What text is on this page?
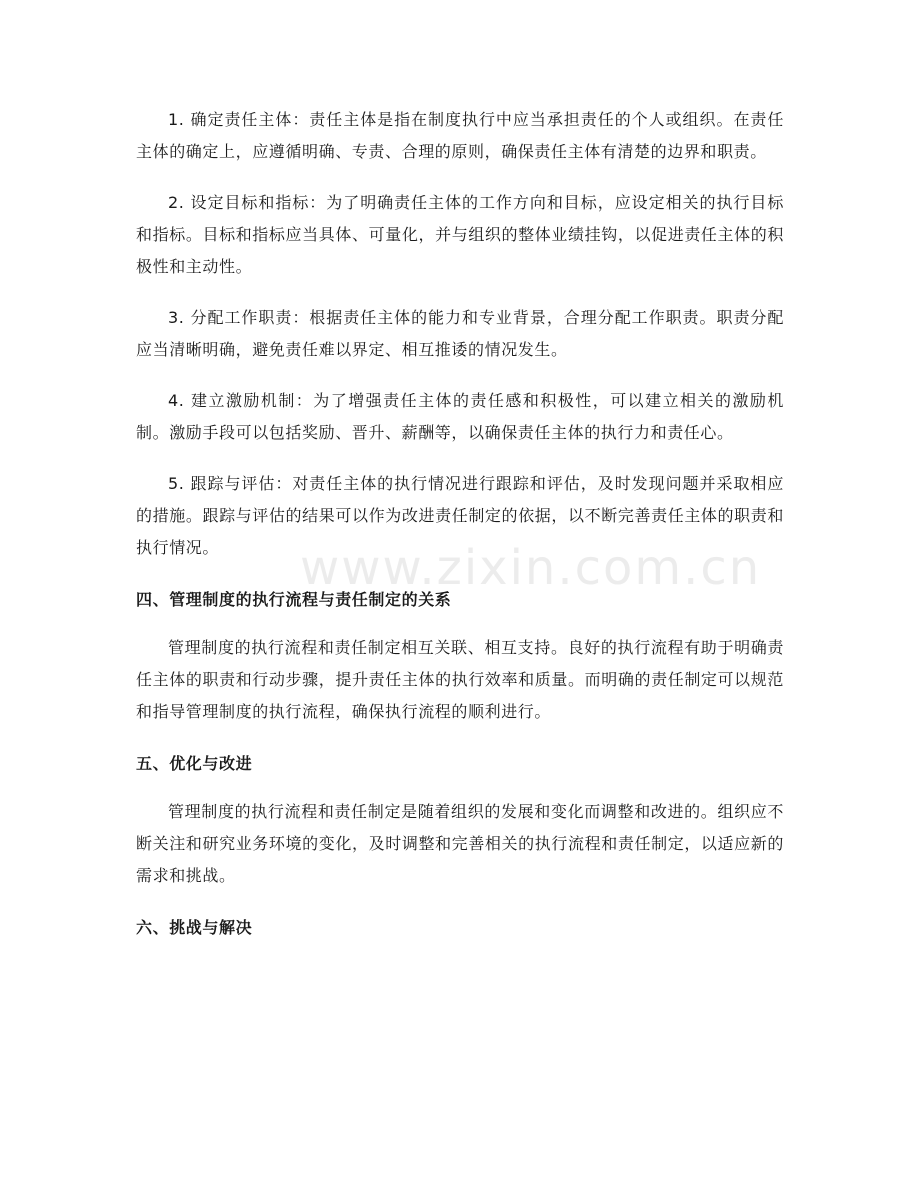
www.zixin.com.cn

1. 确定责任主体：责任主体是指在制度执行中应当承担责任的个人或组织。在责任主体的确定上，应遵循明确、专责、合理的原则，确保责任主体有清楚的边界和职责。

2. 设定目标和指标：为了明确责任主体的工作方向和目标，应设定相关的执行目标和指标。目标和指标应当具体、可量化，并与组织的整体业绩挂钩，以促进责任主体的积极性和主动性。

3. 分配工作职责：根据责任主体的能力和专业背景，合理分配工作职责。职责分配应当清晰明确，避免责任难以界定、相互推诿的情况发生。

4. 建立激励机制：为了增强责任主体的责任感和积极性，可以建立相关的激励机制。激励手段可以包括奖励、晋升、薪酬等，以确保责任主体的执行力和责任心。

5. 跟踪与评估：对责任主体的执行情况进行跟踪和评估，及时发现问题并采取相应的措施。跟踪与评估的结果可以作为改进责任制定的依据，以不断完善责任主体的职责和执行情况。

四、管理制度的执行流程与责任制定的关系

管理制度的执行流程和责任制定相互关联、相互支持。良好的执行流程有助于明确责任主体的职责和行动步骤，提升责任主体的执行效率和质量。而明确的责任制定可以规范和指导管理制度的执行流程，确保执行流程的顺利进行。

五、优化与改进

管理制度的执行流程和责任制定是随着组织的发展和变化而调整和改进的。组织应不断关注和研究业务环境的变化，及时调整和完善相关的执行流程和责任制定，以适应新的需求和挑战。

六、挑战与解决
